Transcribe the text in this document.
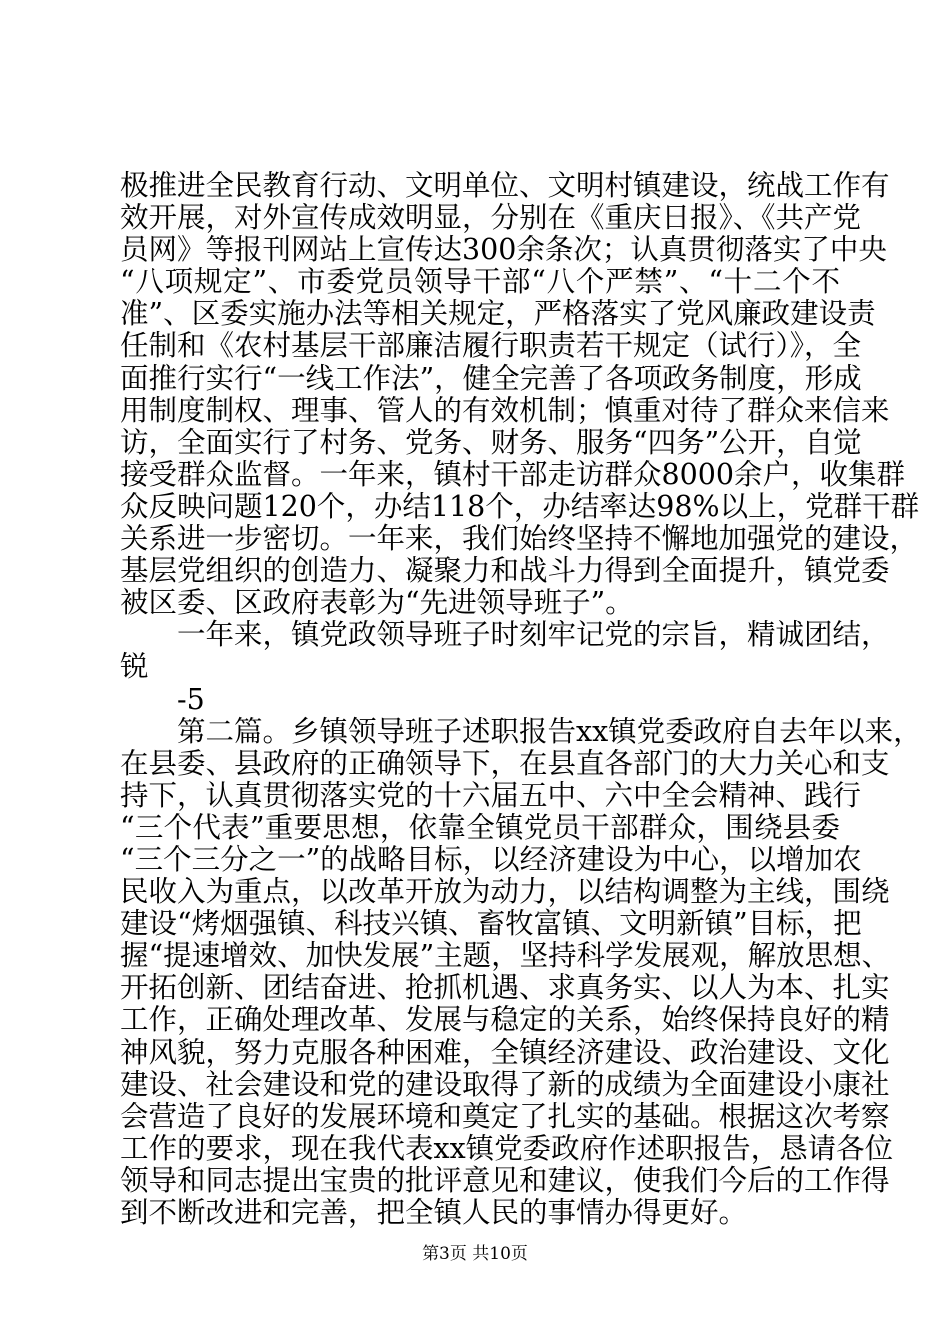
极推进全民教育行动、文明单位、文明村镇建设，统战工作有
效开展，对外宣传成效明显，分别在《重庆日报》、《共产党
员网》等报刊网站上宣传达300余条次；认真贯彻落实了中央
“八项规定”、市委党员领导干部“八个严禁”、“十二个不
准”、区委实施办法等相关规定，严格落实了党风廉政建设责
任制和《农村基层干部廉洁履行职责若干规定（试行）》，全
面推行实行“一线工作法”，健全完善了各项政务制度，形成
用制度制权、理事、管人的有效机制；慎重对待了群众来信来
访，全面实行了村务、党务、财务、服务“四务”公开，自觉
接受群众监督。一年来，镇村干部走访群众8000余户，收集群
众反映问题120个，办结118个，办结率达98%以上，党群干群
关系进一步密切。一年来，我们始终坚持不懈地加强党的建设，
基层党组织的创造力、凝聚力和战斗力得到全面提升，镇党委
被区委、区政府表彰为“先进领导班子”。
一年来，镇党政领导班子时刻牢记党的宗旨，精诚团结，
锐
-5
第二篇。乡镇领导班子述职报告xx镇党委政府自去年以来，
在县委、县政府的正确领导下，在县直各部门的大力关心和支
持下，认真贯彻落实党的十六届五中、六中全会精神、践行
“三个代表”重要思想，依靠全镇党员干部群众，围绕县委
“三个三分之一”的战略目标，以经济建设为中心，以增加农
民收入为重点，以改革开放为动力，以结构调整为主线，围绕
建设“烤烟强镇、科技兴镇、畜牧富镇、文明新镇”目标，把
握“提速增效、加快发展”主题，坚持科学发展观，解放思想、
开拓创新、团结奋进、抢抓机遇、求真务实、以人为本、扎实
工作，正确处理改革、发展与稳定的关系，始终保持良好的精
神风貌，努力克服各种困难，全镇经济建设、政治建设、文化
建设、社会建设和党的建设取得了新的成绩为全面建设小康社
会营造了良好的发展环境和奠定了扎实的基础。根据这次考察
工作的要求，现在我代表xx镇党委政府作述职报告，恳请各位
领导和同志提出宝贵的批评意见和建议，使我们今后的工作得
到不断改进和完善，把全镇人民的事情办得更好。
第3页 共10页
